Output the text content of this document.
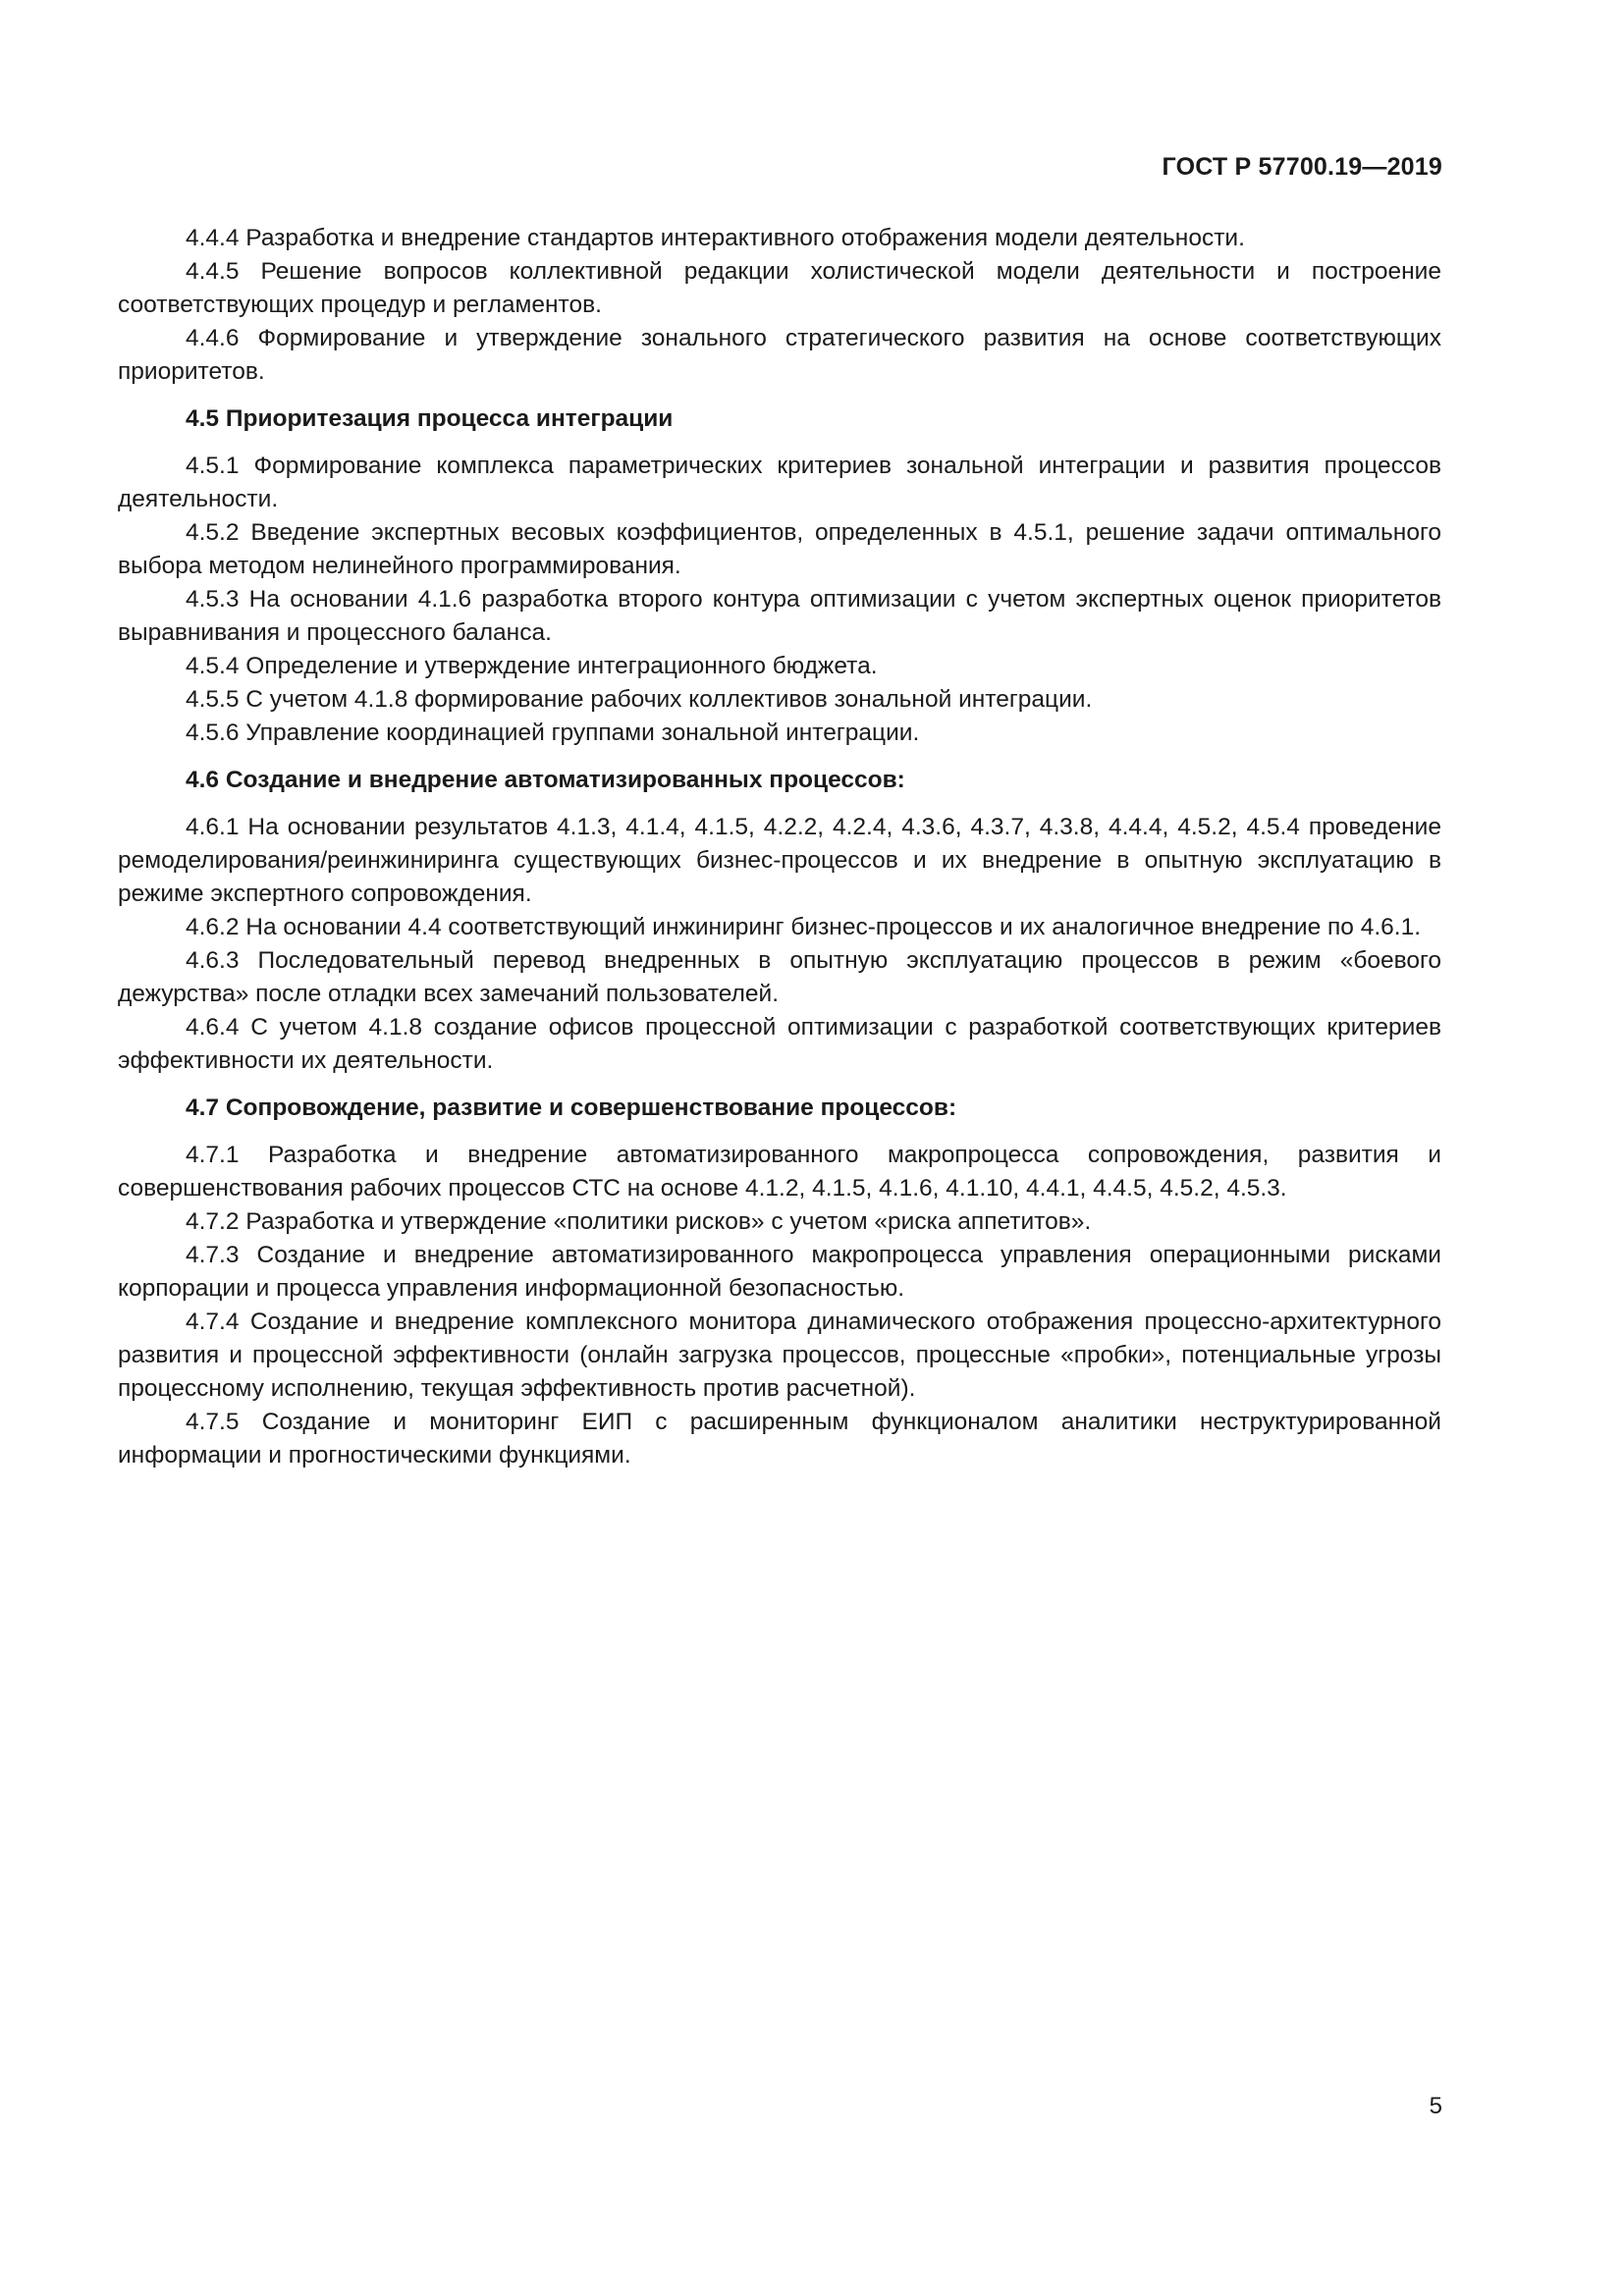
ГОСТ Р 57700.19—2019

4.4.4 Разработка и внедрение стандартов интерактивного отображения модели деятельности.

4.4.5 Решение вопросов коллективной редакции холистической модели деятельности и построение соответствующих процедур и регламентов.

4.4.6 Формирование и утверждение зонального стратегического развития на основе соответствующих приоритетов.

4.5 Приоритезация процесса интеграции

4.5.1 Формирование комплекса параметрических критериев зональной интеграции и развития процессов деятельности.

4.5.2 Введение экспертных весовых коэффициентов, определенных в 4.5.1, решение задачи оптимального выбора методом нелинейного программирования.

4.5.3 На основании 4.1.6 разработка второго контура оптимизации с учетом экспертных оценок приоритетов выравнивания и процессного баланса.

4.5.4 Определение и утверждение интеграционного бюджета.

4.5.5 С учетом 4.1.8 формирование рабочих коллективов зональной интеграции.

4.5.6 Управление координацией группами зональной интеграции.

4.6 Создание и внедрение автоматизированных процессов:

4.6.1 На основании результатов 4.1.3, 4.1.4, 4.1.5, 4.2.2, 4.2.4, 4.3.6, 4.3.7, 4.3.8, 4.4.4, 4.5.2, 4.5.4 проведение ремоделирования/реинжиниринга существующих бизнес-процессов и их внедрение в опытную эксплуатацию в режиме экспертного сопровождения.

4.6.2 На основании 4.4 соответствующий инжиниринг бизнес-процессов и их аналогичное внедрение по 4.6.1.

4.6.3 Последовательный перевод внедренных в опытную эксплуатацию процессов в режим «боевого дежурства» после отладки всех замечаний пользователей.

4.6.4 С учетом 4.1.8 создание офисов процессной оптимизации с разработкой соответствующих критериев эффективности их деятельности.

4.7 Сопровождение, развитие и совершенствование процессов:

4.7.1 Разработка и внедрение автоматизированного макропроцесса сопровождения, развития и совершенствования рабочих процессов СТС на основе 4.1.2, 4.1.5, 4.1.6, 4.1.10, 4.4.1, 4.4.5, 4.5.2, 4.5.3.

4.7.2 Разработка и утверждение «политики рисков» с учетом «риска аппетитов».

4.7.3 Создание и внедрение автоматизированного макропроцесса управления операционными рисками корпорации и процесса управления информационной безопасностью.

4.7.4 Создание и внедрение комплексного монитора динамического отображения процессно-архитектурного развития и процессной эффективности (онлайн загрузка процессов, процессные «пробки», потенциальные угрозы процессному исполнению, текущая эффективность против расчетной).

4.7.5 Создание и мониторинг ЕИП с расширенным функционалом аналитики неструктурированной информации и прогностическими функциями.

5
